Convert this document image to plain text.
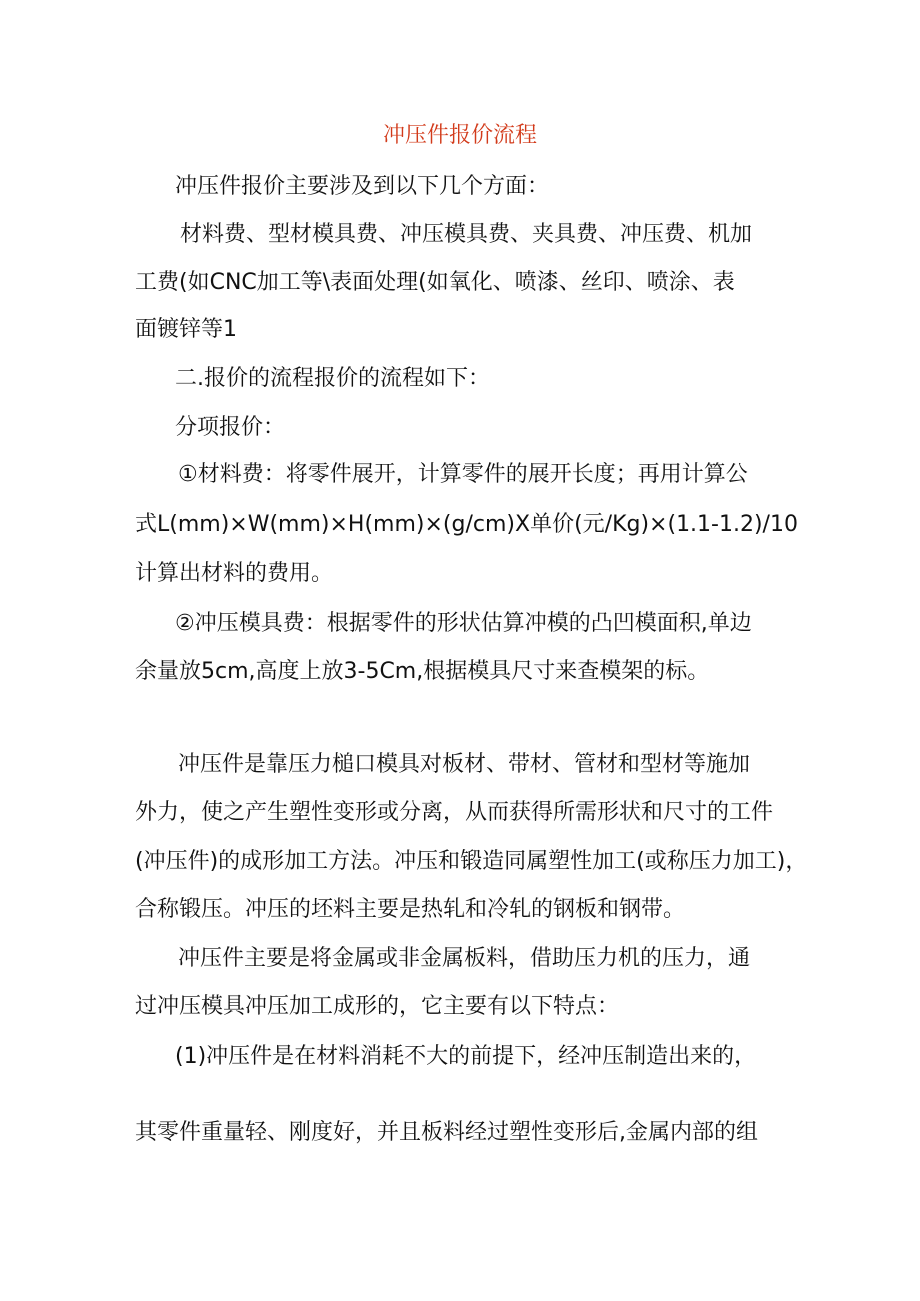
冲压件报价流程
冲压件报价主要涉及到以下几个方面：
材料费、型材模具费、冲压模具费、夹具费、冲压费、机加
工费(如CNC加工等\表面处理(如氧化、喷漆、丝印、喷涂、表
面镀锌等1
二.报价的流程报价的流程如下：
分项报价：
①材料费：将零件展开，计算零件的展开长度；再用计算公
式L(mm)×W(mm)×H(mm)×(g/cm)X单价(元/Kg)×(1.1-1.2)/10
计算出材料的费用。
②冲压模具费：根据零件的形状估算冲模的凸凹模面积,单边
余量放5cm,高度上放3-5Cm,根据模具尺寸来查模架的标。
冲压件是靠压力槌口模具对板材、带材、管材和型材等施加
外力，使之产生塑性变形或分离，从而获得所需形状和尺寸的工件
(冲压件)的成形加工方法。冲压和锻造同属塑性加工(或称压力加工)，
合称锻压。冲压的坯料主要是热轧和冷轧的钢板和钢带。
冲压件主要是将金属或非金属板料，借助压力机的压力，通
过冲压模具冲压加工成形的，它主要有以下特点：
(1)冲压件是在材料消耗不大的前提下，经冲压制造出来的，
其零件重量轻、刚度好，并且板料经过塑性变形后,金属内部的组
